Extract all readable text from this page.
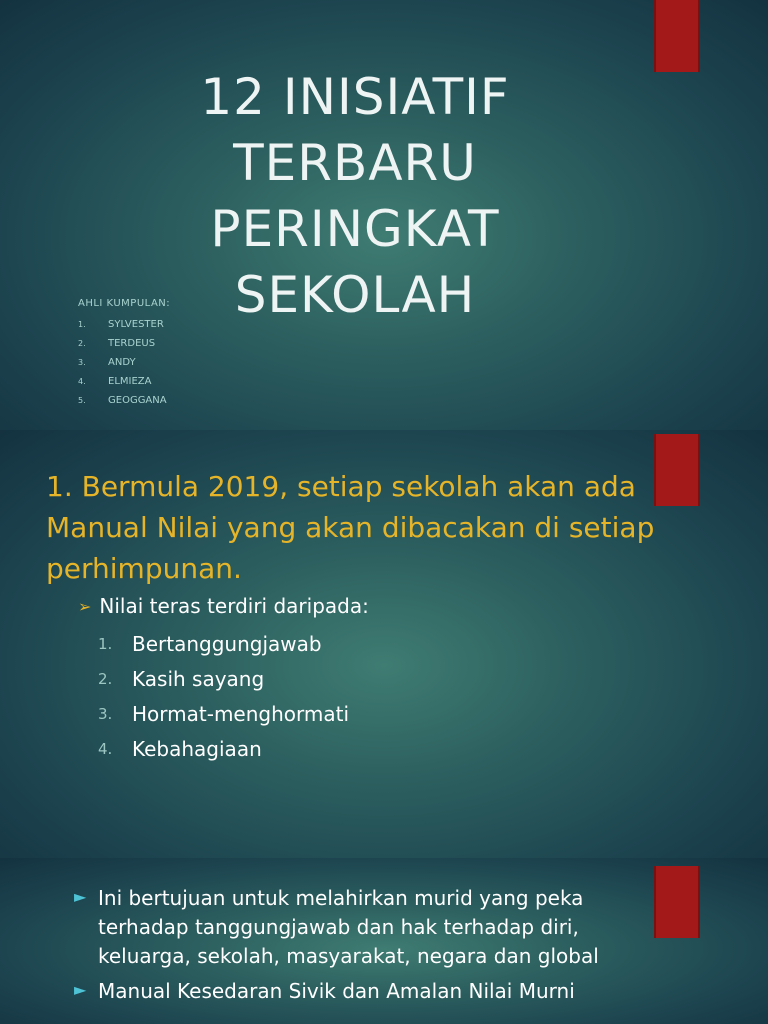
12 INISIATIF TERBARU PERINGKAT SEKOLAH
AHLI KUMPULAN:
1.	SYLVESTER
2.	TERDEUS
3.	ANDY
4.	ELMIEZA
5.	GEOGGANA
1. Bermula 2019, setiap sekolah akan ada Manual Nilai yang akan dibacakan di setiap perhimpunan.
➢ Nilai teras terdiri daripada:
1. Bertanggungjawab
2. Kasih sayang
3. Hormat-menghormati
4. Kebahagiaan
► Ini bertujuan untuk melahirkan murid yang peka terhadap tanggungjawab dan hak terhadap diri, keluarga, sekolah, masyarakat, negara dan global
► Manual Kesedaran Sivik dan Amalan Nilai Murni
